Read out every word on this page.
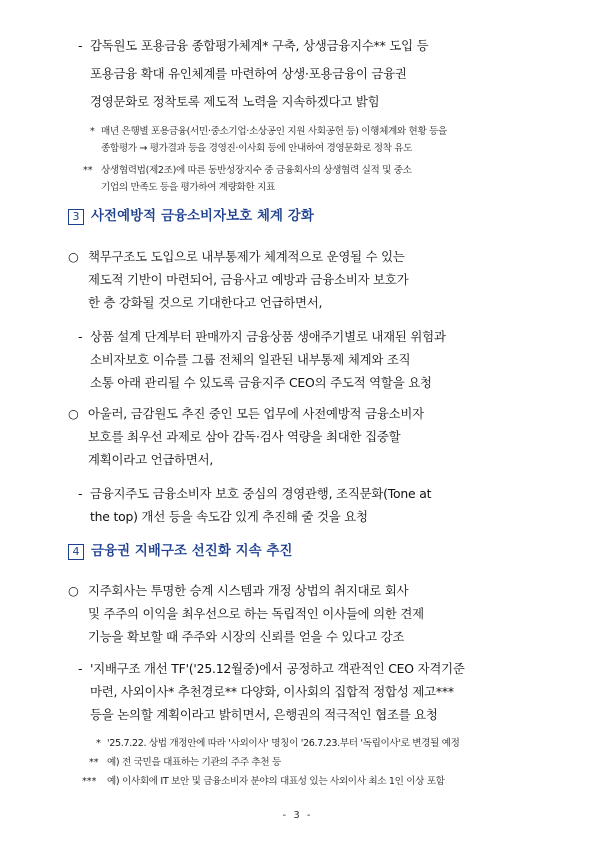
- 감독원도 포용금융 종합평가체계* 구축, 상생금융지수** 도입 등
포용금융 확대 유인체계를 마련하여 상생·포용금융이 금융권
경영문화로 정착토록 제도적 노력을 지속하겠다고 밝힘
* 매년 은행별 포용금융(서민·중소기업·소상공인 지원 사회공헌 등) 이행체계와 현황 등을
종합평가 → 평가결과 등을 경영진·이사회 등에 안내하여 경영문화로 정착 유도
** 상생협력법(제2조)에 따른 동반성장지수 중 금융회사의 상생협력 실적 및 중소
기업의 만족도 등을 평가하여 계량화한 지표
3 사전예방적 금융소비자보호 체계 강화
○ 책무구조도 도입으로 내부통제가 체계적으로 운영될 수 있는
제도적 기반이 마련되어, 금융사고 예방과 금융소비자 보호가
한 층 강화될 것으로 기대한다고 언급하면서,
- 상품 설계 단계부터 판매까지 금융상품 생애주기별로 내재된 위험과
소비자보호 이슈를 그룹 전체의 일관된 내부통제 체계와 조직
소통 아래 관리될 수 있도록 금융지주 CEO의 주도적 역할을 요청
○ 아울러, 금감원도 추진 중인 모든 업무에 사전예방적 금융소비자
보호를 최우선 과제로 삼아 감독·검사 역량을 최대한 집중할
계획이라고 언급하면서,
- 금융지주도 금융소비자 보호 중심의 경영관행, 조직문화(Tone at
the top) 개선 등을 속도감 있게 추진해 줄 것을 요청
4 금융권 지배구조 선진화 지속 추진
○ 지주회사는 투명한 승계 시스템과 개정 상법의 취지대로 회사
및 주주의 이익을 최우선으로 하는 독립적인 이사들에 의한 견제
기능을 확보할 때 주주와 시장의 신뢰를 얻을 수 있다고 강조
- '지배구조 개선 TF'('25.12월중)에서 공정하고 객관적인 CEO 자격기준
마련, 사외이사* 추천경로** 다양화, 이사회의 집합적 정합성 제고***
등을 논의할 계획이라고 밝히면서, 은행권의 적극적인 협조를 요청
* '25.7.22. 상법 개정안에 따라 '사외이사' 명칭이 '26.7.23.부터 '독립이사'로 변경될 예정
** 예) 전 국민을 대표하는 기관의 주주 추천 등
*** 예) 이사회에 IT 보안 및 금융소비자 분야의 대표성 있는 사외이사 최소 1인 이상 포함
- 3 -
